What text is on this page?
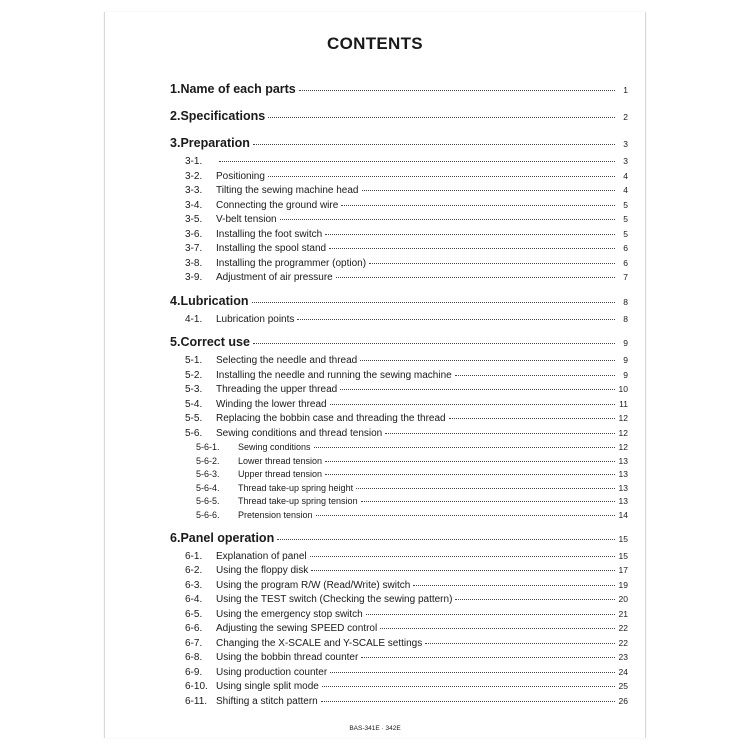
CONTENTS
1. Name of each parts	1
2. Specifications	2
3. Preparation	3
3-1.	3
3-2.	Positioning	4
3-3.	Tilting the sewing machine head	4
3-4.	Connecting the ground wire	5
3-5.	V-belt tension	5
3-6.	Installing the foot switch	5
3-7.	Installing the spool stand	6
3-8.	Installing the programmer (option)	6
3-9.	Adjustment of air pressure	7
4. Lubrication	8
4-1.	Lubrication points	8
5. Correct use	9
5-1.	Selecting the needle and thread	9
5-2.	Installing the needle and running the sewing machine	9
5-3.	Threading the upper thread	10
5-4.	Winding the lower thread	11
5-5.	Replacing the bobbin case and threading the thread	12
5-6.	Sewing conditions and thread tension	12
5-6-1.	Sewing conditions	12
5-6-2.	Lower thread tension	13
5-6-3.	Upper thread tension	13
5-6-4.	Thread take-up spring height	13
5-6-5.	Thread take-up spring tension	13
5-6-6.	Pretension tension	14
6. Panel operation	15
6-1.	Explanation of panel	15
6-2.	Using the floppy disk	17
6-3.	Using the program R/W (Read/Write) switch	19
6-4.	Using the TEST switch (Checking the sewing pattern)	20
6-5.	Using the emergency stop switch	21
6-6.	Adjusting the sewing SPEED control	22
6-7.	Changing the X-SCALE and Y-SCALE settings	22
6-8.	Using the bobbin thread counter	23
6-9.	Using production counter	24
6-10. Using single split mode	25
6-11. Shifting a stitch pattern	26
BAS-341E · 342E
